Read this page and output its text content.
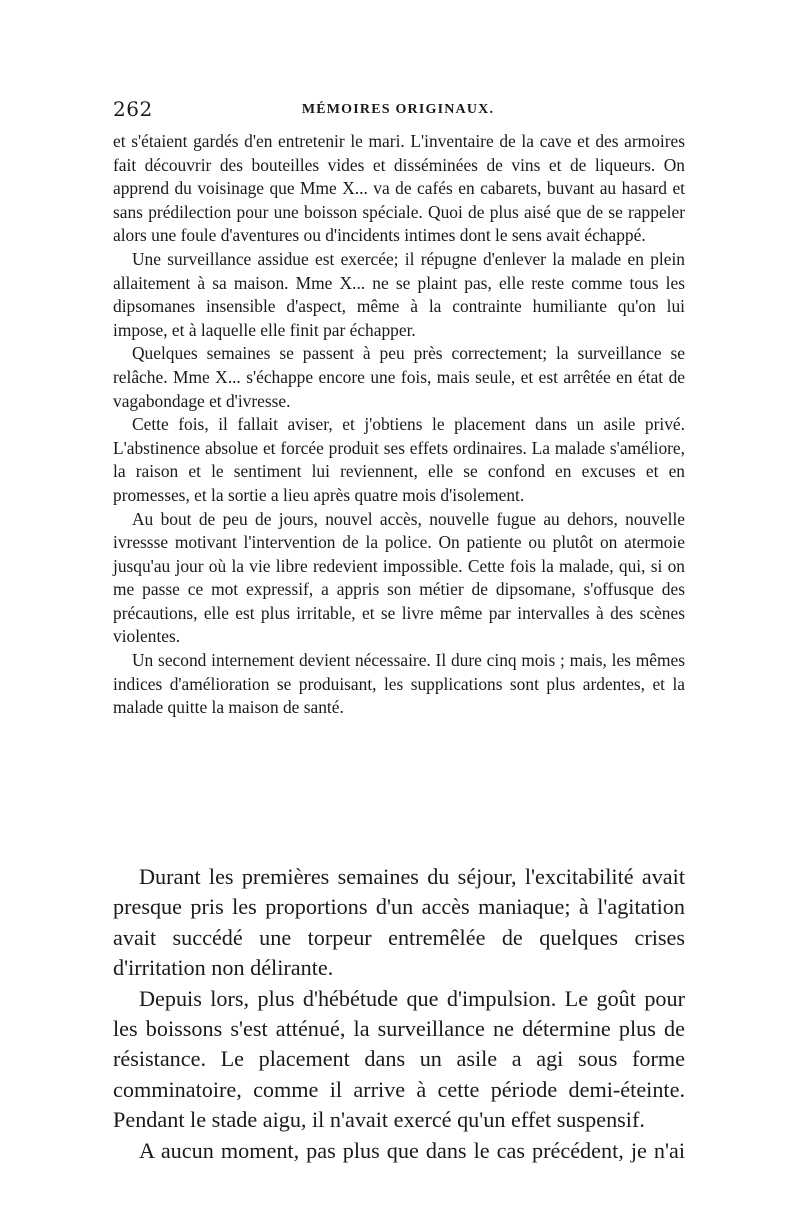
262	MÉMOIRES ORIGINAUX.

et s'étaient gardés d'en entretenir le mari. L'inventaire de la cave et des armoires fait découvrir des bouteilles vides et disséminées de vins et de liqueurs. On apprend du voisinage que Mme X... va de cafés en cabarets, buvant au hasard et sans prédilection pour une boisson spéciale. Quoi de plus aisé que de se rappeler alors une foule d'aventures ou d'incidents intimes dont le sens avait échappé.

Une surveillance assidue est exercée; il répugne d'enlever la malade en plein allaitement à sa maison. Mme X... ne se plaint pas, elle reste comme tous les dipsomanes insensible d'aspect, même à la contrainte humiliante qu'on lui impose, et à laquelle elle finit par échapper.

Quelques semaines se passent à peu près correctement; la surveillance se relâche. Mme X... s'échappe encore une fois, mais seule, et est arrêtée en état de vagabondage et d'ivresse.

Cette fois, il fallait aviser, et j'obtiens le placement dans un asile privé. L'abstinence absolue et forcée produit ses effets ordinaires. La malade s'améliore, la raison et le sentiment lui reviennent, elle se confond en excuses et en promesses, et la sortie a lieu après quatre mois d'isolement.

Au bout de peu de jours, nouvel accès, nouvelle fugue au dehors, nouvelle ivressse motivant l'intervention de la police. On patiente ou plutôt on atermoie jusqu'au jour où la vie libre redevient impossible. Cette fois la malade, qui, si on me passe ce mot expressif, a appris son métier de dipsomane, s'offusque des précautions, elle est plus irritable, et se livre même par intervalles à des scènes violentes.

Un second internement devient nécessaire. Il dure cinq mois ; mais, les mêmes indices d'amélioration se produisant, les supplications sont plus ardentes, et la malade quitte la maison de santé.

Durant les premières semaines du séjour, l'excitabilité avait presque pris les proportions d'un accès maniaque; à l'agitation avait succédé une torpeur entremêlée de quelques crises d'irritation non délirante.

Depuis lors, plus d'hébétude que d'impulsion. Le goût pour les boissons s'est atténué, la surveillance ne détermine plus de résistance. Le placement dans un asile a agi sous forme comminatoire, comme il arrive à cette période demi-éteinte. Pendant le stade aigu, il n'avait exercé qu'un effet suspensif.

A aucun moment, pas plus que dans le cas précédent, je n'ai
